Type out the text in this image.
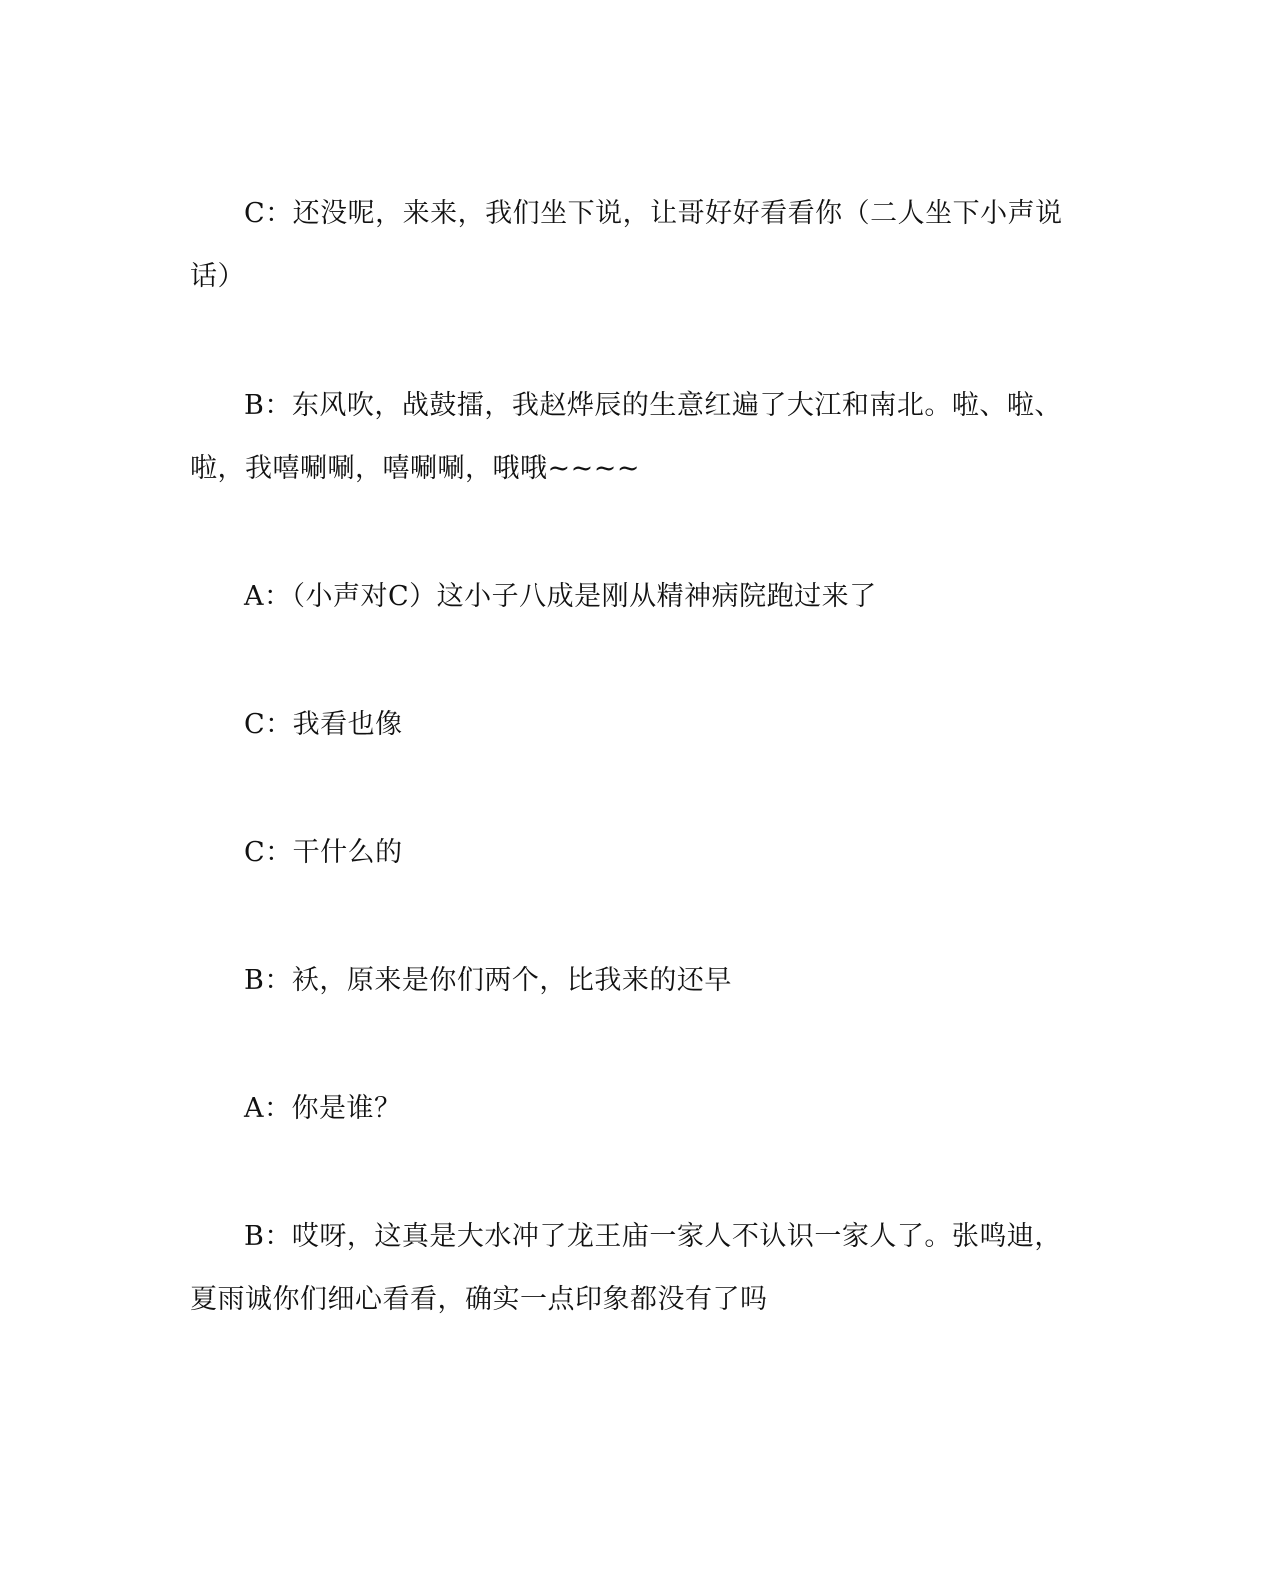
C：还没呢，来来，我们坐下说，让哥好好看看你（二人坐下小声说话）

B：东风吹，战鼓擂，我赵烨辰的生意红遍了大江和南北。啦、啦、啦，我嘻唰唰，嘻唰唰，哦哦~~~~

A：（小声对C）这小子八成是刚从精神病院跑过来了

C：我看也像

C：干什么的

B：袄，原来是你们两个，比我来的还早

A：你是谁？

B：哎呀，这真是大水冲了龙王庙一家人不认识一家人了。张鸣迪，夏雨诚你们细心看看，确实一点印象都没有了吗
